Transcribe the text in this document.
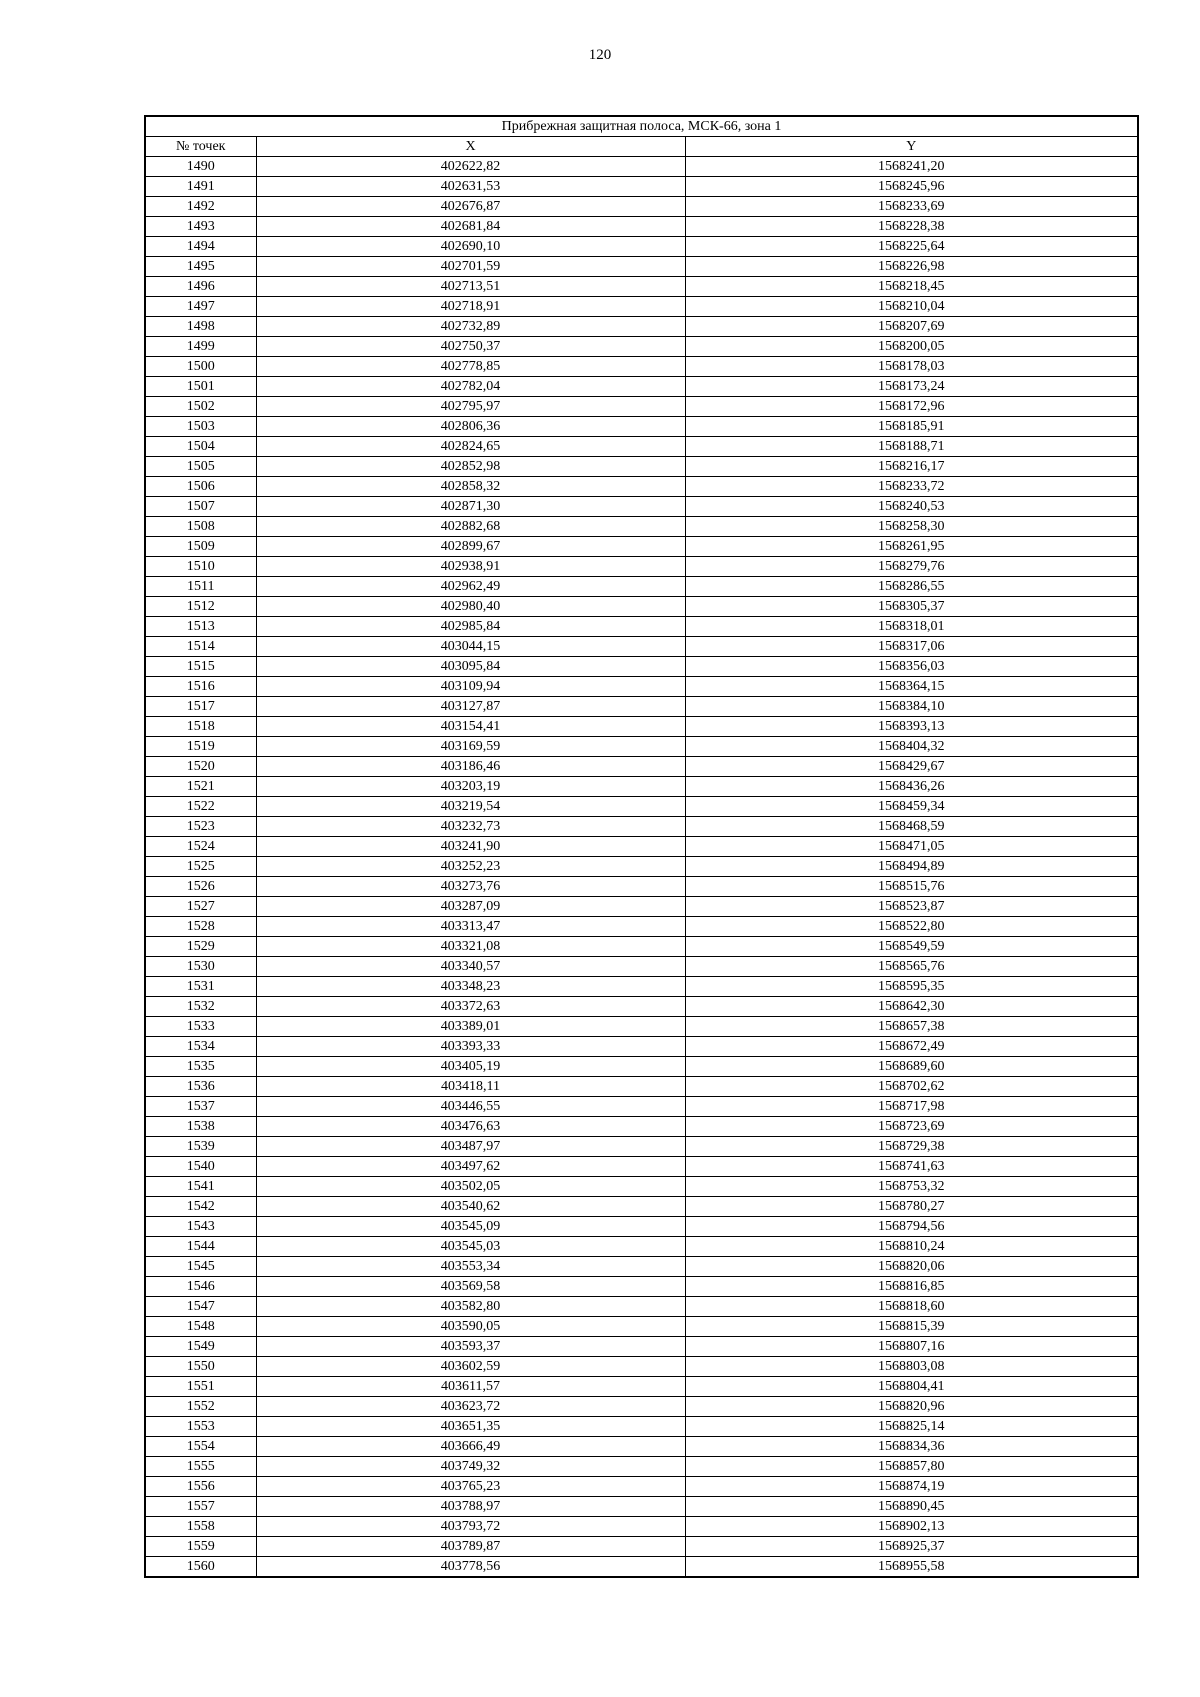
120
Прибрежная защитная полоса, МСК-66, зона 1		
№ точек	X	Y
1490	402622,82	1568241,20
1491	402631,53	1568245,96
1492	402676,87	1568233,69
1493	402681,84	1568228,38
1494	402690,10	1568225,64
1495	402701,59	1568226,98
1496	402713,51	1568218,45
1497	402718,91	1568210,04
1498	402732,89	1568207,69
1499	402750,37	1568200,05
1500	402778,85	1568178,03
1501	402782,04	1568173,24
1502	402795,97	1568172,96
1503	402806,36	1568185,91
1504	402824,65	1568188,71
1505	402852,98	1568216,17
1506	402858,32	1568233,72
1507	402871,30	1568240,53
1508	402882,68	1568258,30
1509	402899,67	1568261,95
1510	402938,91	1568279,76
1511	402962,49	1568286,55
1512	402980,40	1568305,37
1513	402985,84	1568318,01
1514	403044,15	1568317,06
1515	403095,84	1568356,03
1516	403109,94	1568364,15
1517	403127,87	1568384,10
1518	403154,41	1568393,13
1519	403169,59	1568404,32
1520	403186,46	1568429,67
1521	403203,19	1568436,26
1522	403219,54	1568459,34
1523	403232,73	1568468,59
1524	403241,90	1568471,05
1525	403252,23	1568494,89
1526	403273,76	1568515,76
1527	403287,09	1568523,87
1528	403313,47	1568522,80
1529	403321,08	1568549,59
1530	403340,57	1568565,76
1531	403348,23	1568595,35
1532	403372,63	1568642,30
1533	403389,01	1568657,38
1534	403393,33	1568672,49
1535	403405,19	1568689,60
1536	403418,11	1568702,62
1537	403446,55	1568717,98
1538	403476,63	1568723,69
1539	403487,97	1568729,38
1540	403497,62	1568741,63
1541	403502,05	1568753,32
1542	403540,62	1568780,27
1543	403545,09	1568794,56
1544	403545,03	1568810,24
1545	403553,34	1568820,06
1546	403569,58	1568816,85
1547	403582,80	1568818,60
1548	403590,05	1568815,39
1549	403593,37	1568807,16
1550	403602,59	1568803,08
1551	403611,57	1568804,41
1552	403623,72	1568820,96
1553	403651,35	1568825,14
1554	403666,49	1568834,36
1555	403749,32	1568857,80
1556	403765,23	1568874,19
1557	403788,97	1568890,45
1558	403793,72	1568902,13
1559	403789,87	1568925,37
1560	403778,56	1568955,58
